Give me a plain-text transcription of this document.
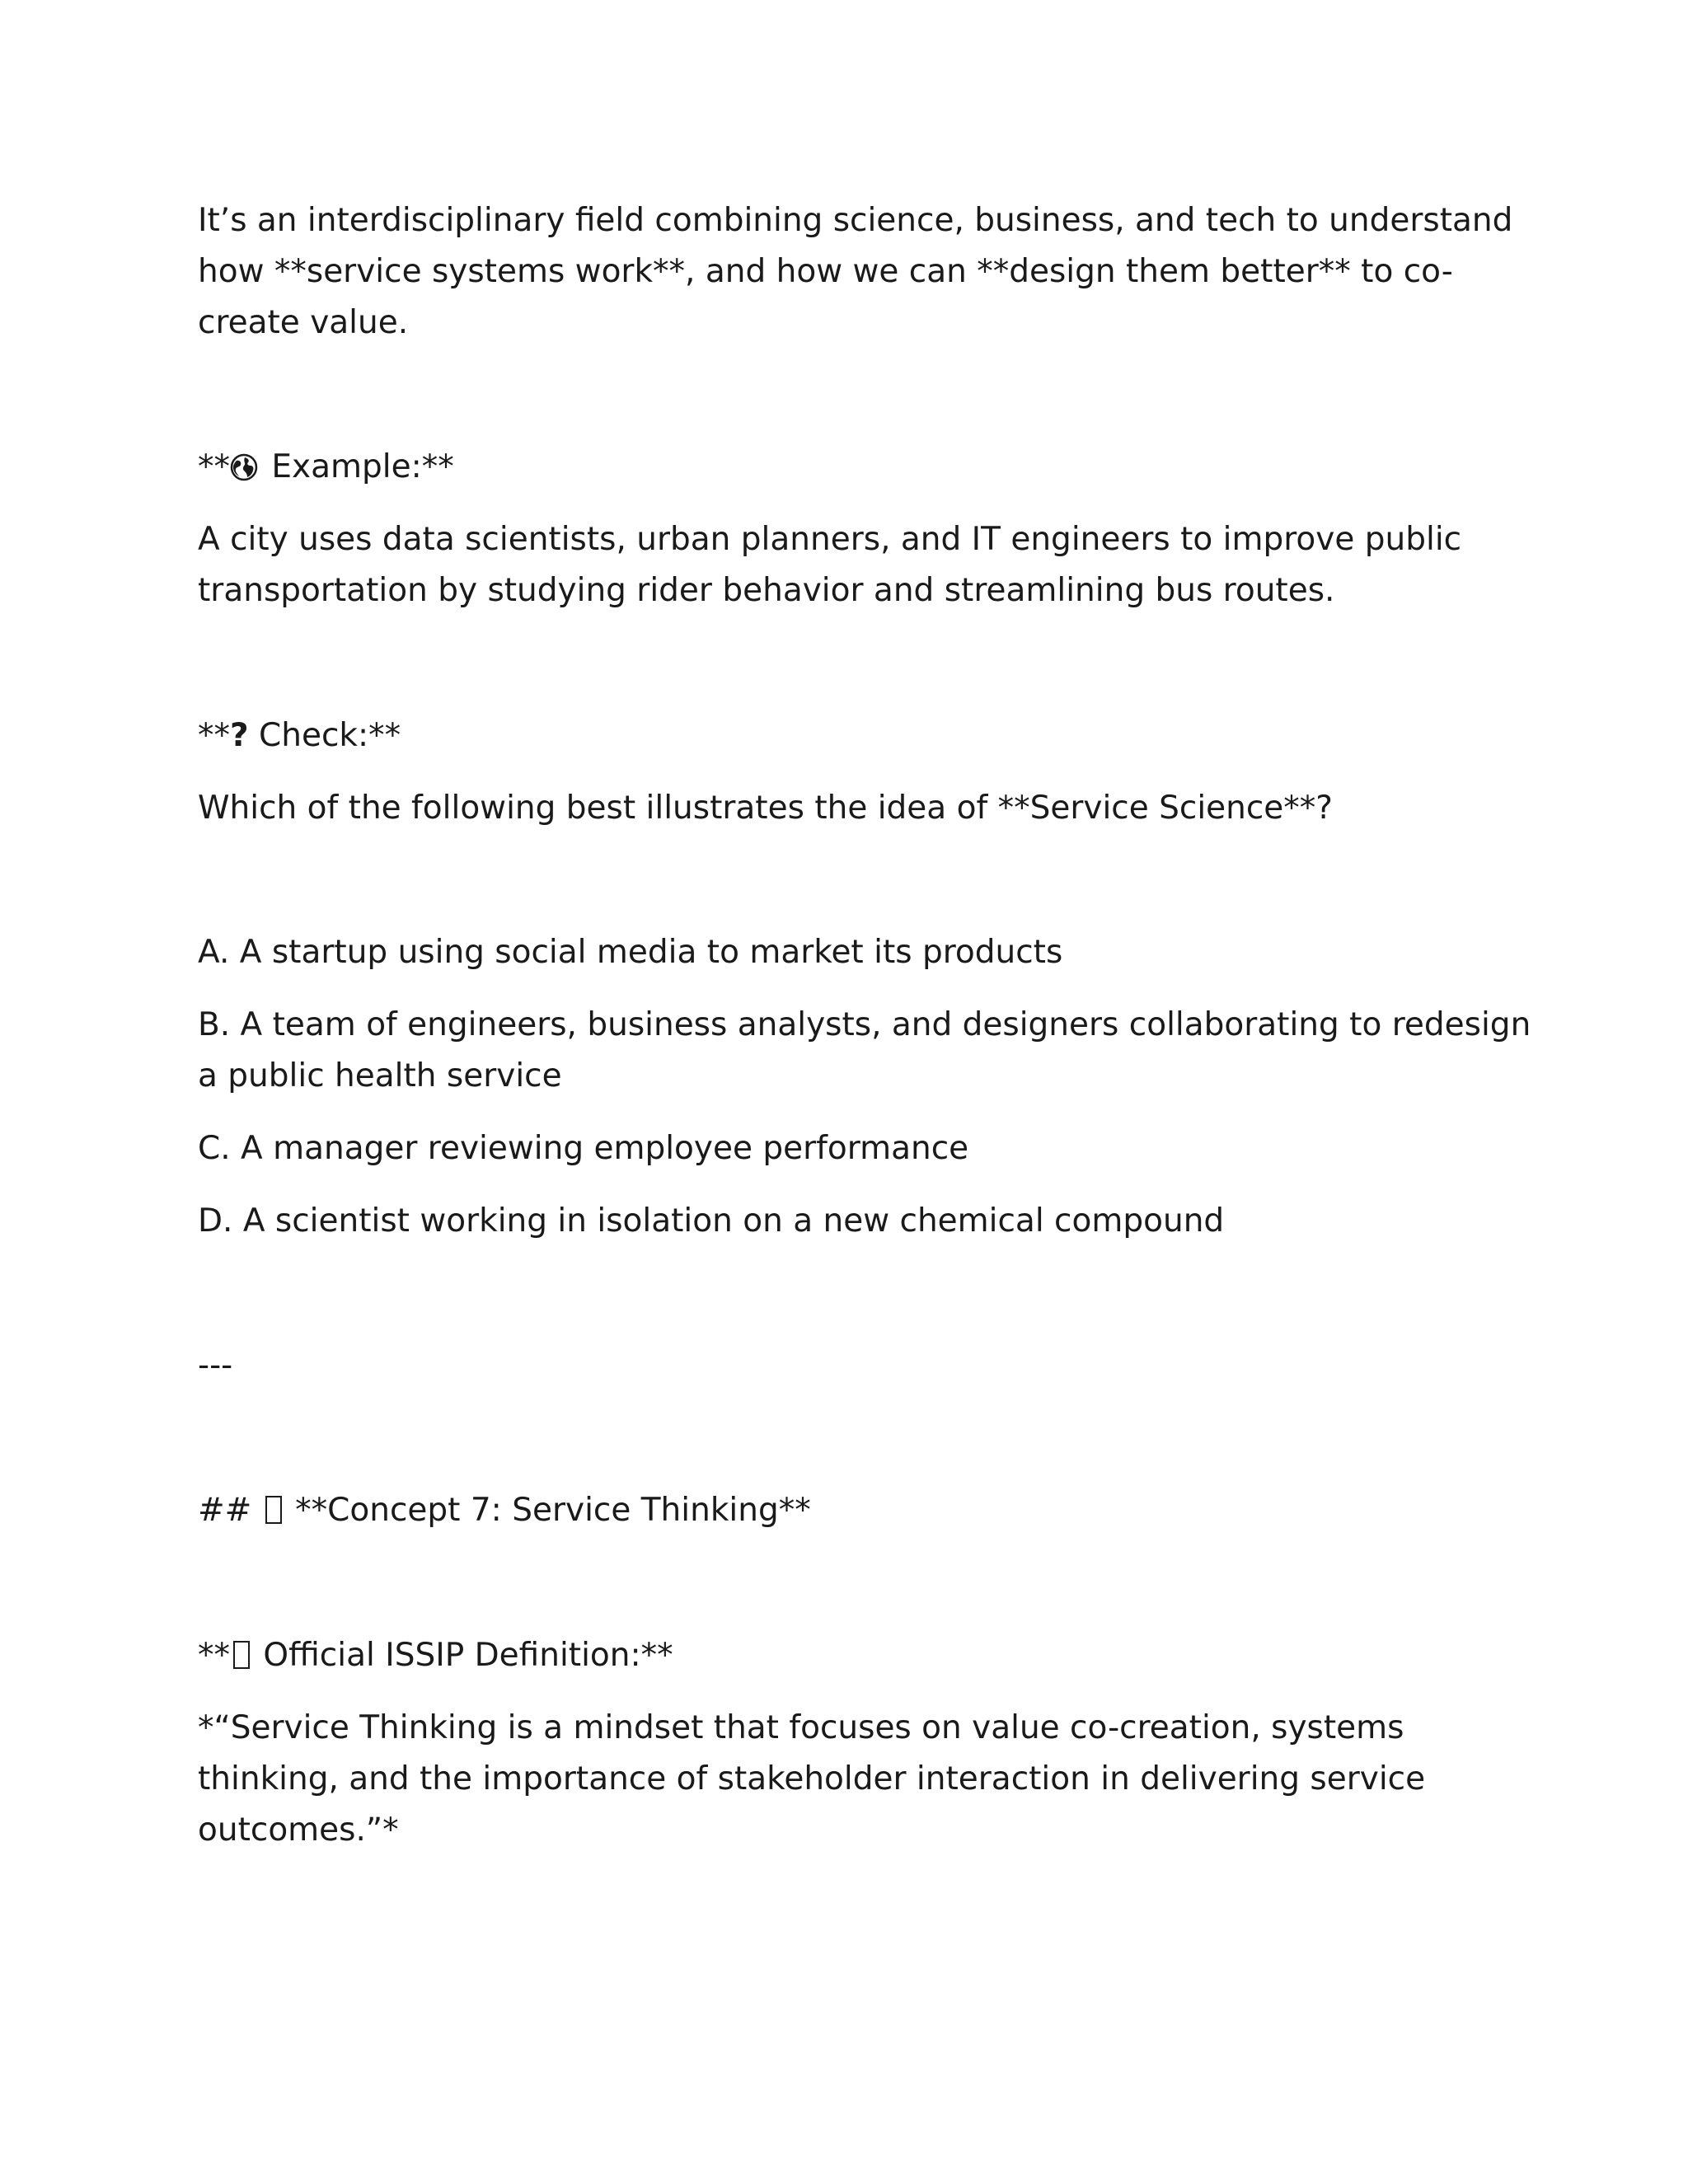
It’s an interdisciplinary field combining science, business, and tech to understand
how **service systems work**, and how we can **design them better** to co-
create value.
** Example:**
A city uses data scientists, urban planners, and IT engineers to improve public
transportation by studying rider behavior and streamlining bus routes.
**? Check:**
Which of the following best illustrates the idea of **Service Science**?
A. A startup using social media to market its products
B. A team of engineers, business analysts, and designers collaborating to redesign
a public health service
C. A manager reviewing employee performance
D. A scientist working in isolation on a new chemical compound
---
##  **Concept 7: Service Thinking**
** Official ISSIP Definition:**
*“Service Thinking is a mindset that focuses on value co-creation, systems
thinking, and the importance of stakeholder interaction in delivering service
outcomes.”*
